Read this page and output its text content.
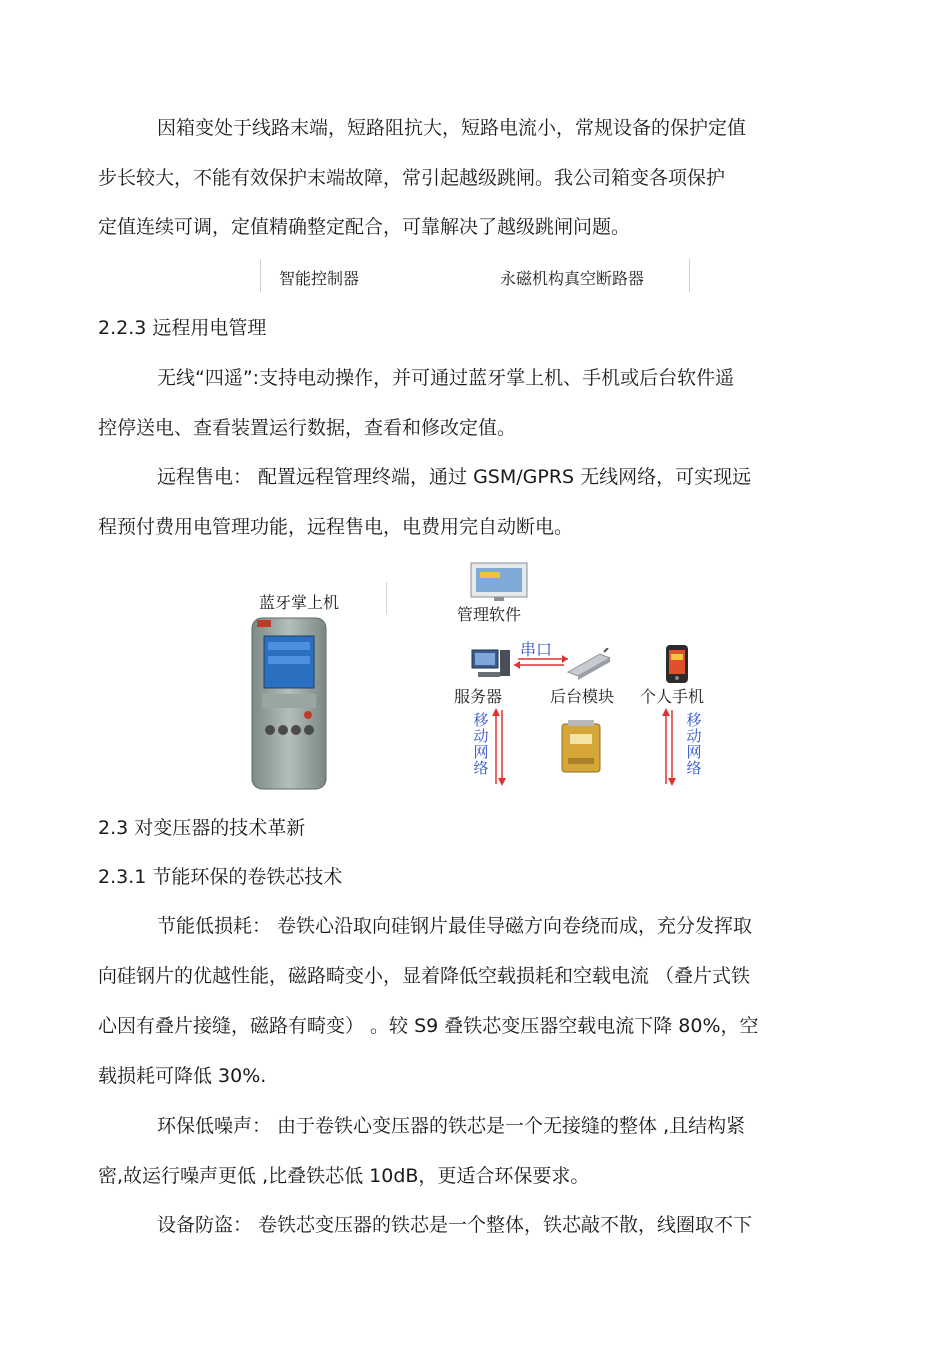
因箱变处于线路末端，短路阻抗大，短路电流小，常规设备的保护定值
步长较大，不能有效保护末端故障，常引起越级跳闸。我公司箱变各项保护
定值连续可调，定值精确整定配合，可靠解决了越级跳闸问题。
智能控制器	永磁机构真空断路器
2.2.3 远程用电管理
无线“四遥”:支持电动操作，并可通过蓝牙掌上机、手机或后台软件遥
控停送电、查看装置运行数据，查看和修改定值。
远程售电： 配置远程管理终端，通过 GSM/GPRS 无线网络，可实现远
程预付费用电管理功能，远程售电，电费用完自动断电。
蓝牙掌上机
管理软件
串口
服务器	后台模块 个人手机
移
动
网
络
移
动
网
络
2.3 对变压器的技术革新
2.3.1 节能环保的卷铁芯技术
节能低损耗： 卷铁心沿取向硅钢片最佳导磁方向卷绕而成，充分发挥取
向硅钢片的优越性能，磁路畸变小，显着降低空载损耗和空载电流 （叠片式铁
心因有叠片接缝，磁路有畸变） 。较 S9 叠铁芯变压器空载电流下降 80%，空
载损耗可降低 30%.
环保低噪声： 由于卷铁心变压器的铁芯是一个无接缝的整体 ,且结构紧
密,故运行噪声更低 ,比叠铁芯低 10dB，更适合环保要求。
设备防盗： 卷铁芯变压器的铁芯是一个整体，铁芯敲不散，线圈取不下
